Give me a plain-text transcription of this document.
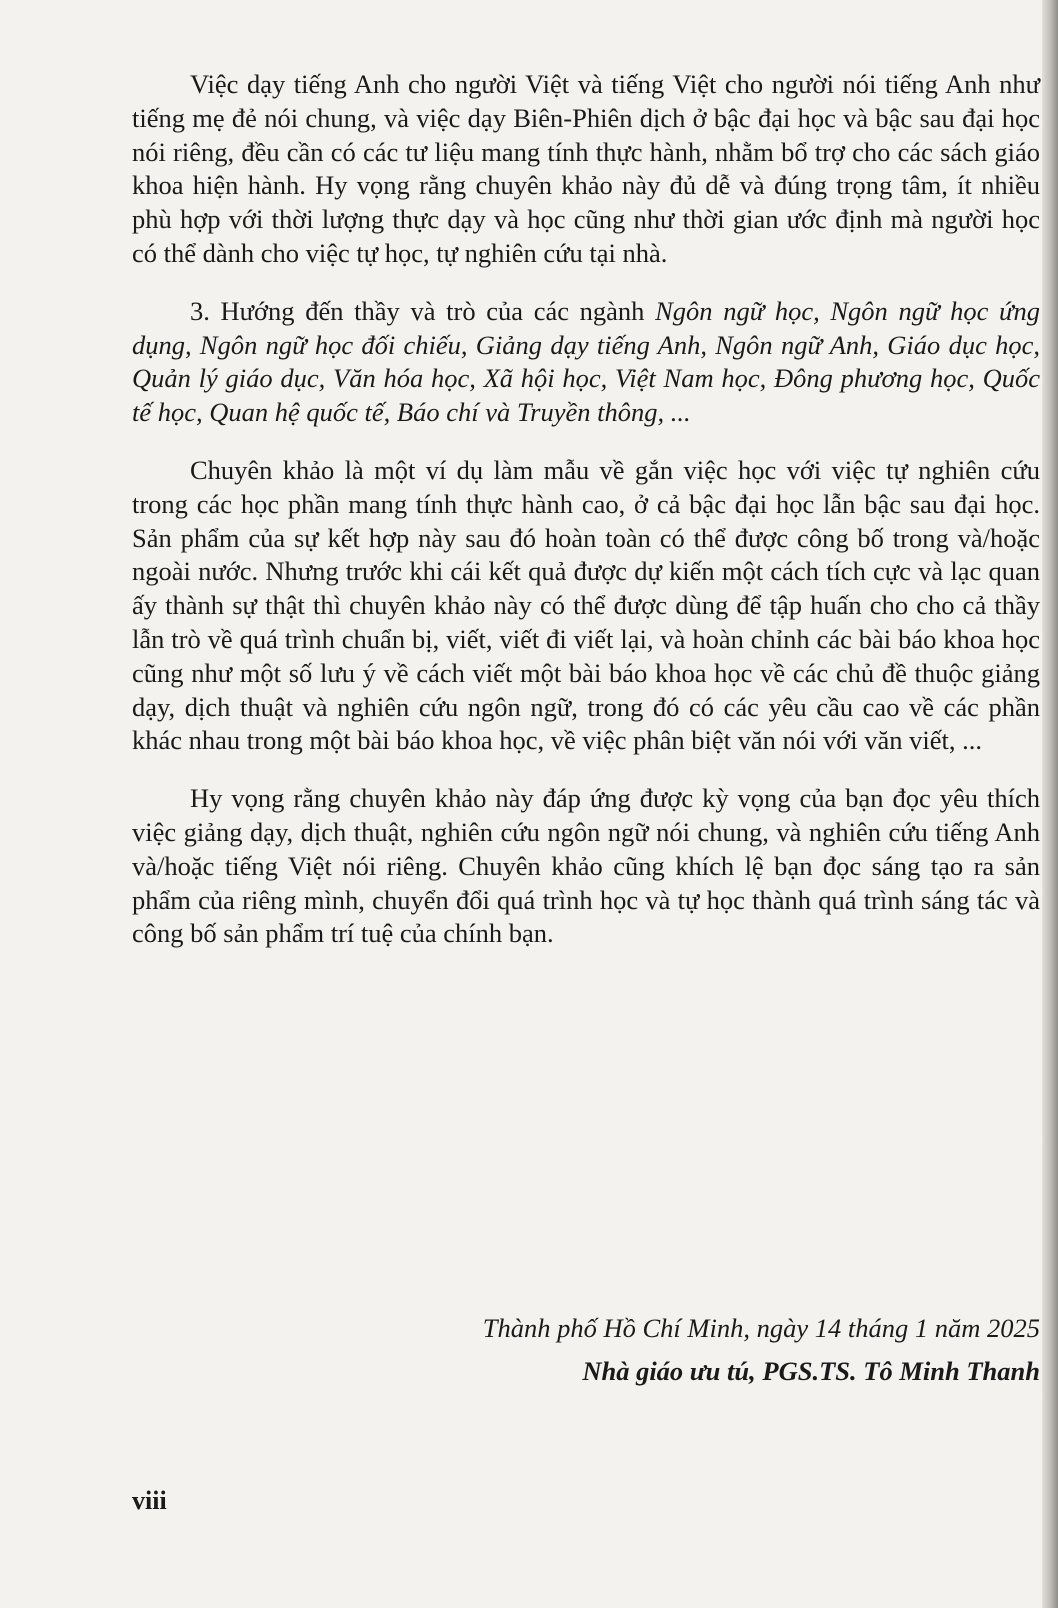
Việc dạy tiếng Anh cho người Việt và tiếng Việt cho người nói tiếng Anh như tiếng mẹ đẻ nói chung, và việc dạy Biên-Phiên dịch ở bậc đại học và bậc sau đại học nói riêng, đều cần có các tư liệu mang tính thực hành, nhằm bổ trợ cho các sách giáo khoa hiện hành. Hy vọng rằng chuyên khảo này đủ dễ và đúng trọng tâm, ít nhiều phù hợp với thời lượng thực dạy và học cũng như thời gian ước định mà người học có thể dành cho việc tự học, tự nghiên cứu tại nhà.

3. Hướng đến thầy và trò của các ngành Ngôn ngữ học, Ngôn ngữ học ứng dụng, Ngôn ngữ học đối chiếu, Giảng dạy tiếng Anh, Ngôn ngữ Anh, Giáo dục học, Quản lý giáo dục, Văn hóa học, Xã hội học, Việt Nam học, Đông phương học, Quốc tế học, Quan hệ quốc tế, Báo chí và Truyền thông, ...

Chuyên khảo là một ví dụ làm mẫu về gắn việc học với việc tự nghiên cứu trong các học phần mang tính thực hành cao, ở cả bậc đại học lẫn bậc sau đại học. Sản phẩm của sự kết hợp này sau đó hoàn toàn có thể được công bố trong và/hoặc ngoài nước. Nhưng trước khi cái kết quả được dự kiến một cách tích cực và lạc quan ấy thành sự thật thì chuyên khảo này có thể được dùng để tập huấn cho cho cả thầy lẫn trò về quá trình chuẩn bị, viết, viết đi viết lại, và hoàn chỉnh các bài báo khoa học cũng như một số lưu ý về cách viết một bài báo khoa học về các chủ đề thuộc giảng dạy, dịch thuật và nghiên cứu ngôn ngữ, trong đó có các yêu cầu cao về các phần khác nhau trong một bài báo khoa học, về việc phân biệt văn nói với văn viết, ...

Hy vọng rằng chuyên khảo này đáp ứng được kỳ vọng của bạn đọc yêu thích việc giảng dạy, dịch thuật, nghiên cứu ngôn ngữ nói chung, và nghiên cứu tiếng Anh và/hoặc tiếng Việt nói riêng. Chuyên khảo cũng khích lệ bạn đọc sáng tạo ra sản phẩm của riêng mình, chuyển đổi quá trình học và tự học thành quá trình sáng tác và công bố sản phẩm trí tuệ của chính bạn.

Thành phố Hồ Chí Minh, ngày 14 tháng 1 năm 2025
Nhà giáo ưu tú, PGS.TS. Tô Minh Thanh
viii
